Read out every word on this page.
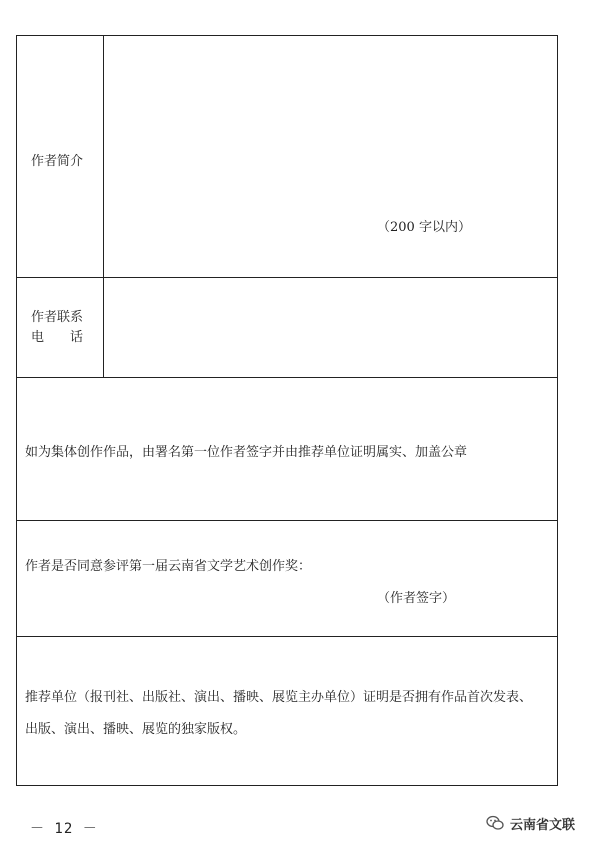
作者简介
（200 字以内）
作者联系
电　　话
如为集体创作作品，由署名第一位作者签字并由推荐单位证明属实、加盖公章
作者是否同意参评第一届云南省文学艺术创作奖：
（作者签字）
推荐单位（报刊社、出版社、演出、播映、展览主办单位）证明是否拥有作品首次发表、
出版、演出、播映、展览的独家版权。
－ 12 －	云南省文联
